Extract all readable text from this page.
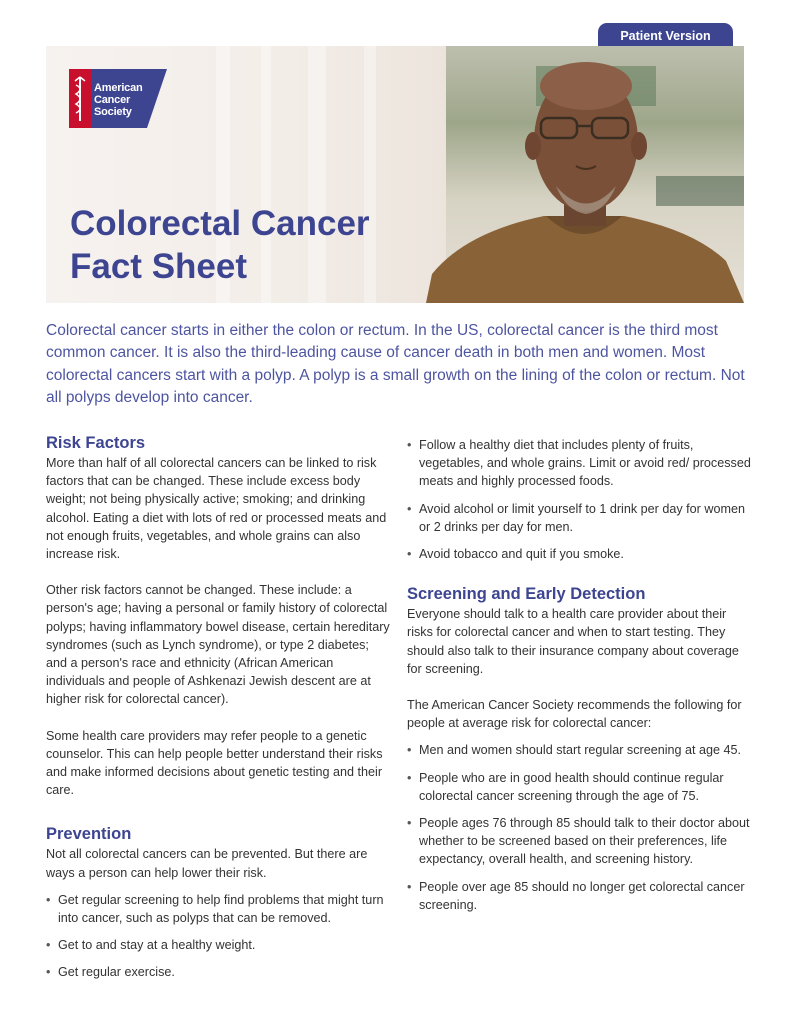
Patient Version
American
Cancer
Society
Colorectal Cancer
Fact Sheet

Colorectal cancer starts in either the colon or rectum. In the US, colorectal cancer is the third most common cancer. It is also the third-leading cause of cancer death in both men and women. Most colorectal cancers start with a polyp. A polyp is a small growth on the lining of the colon or rectum. Not all polyps develop into cancer.

Risk Factors

More than half of all colorectal cancers can be linked to risk factors that can be changed. These include excess body weight; not being physically active; smoking; and drinking alcohol. Eating a diet with lots of red or processed meats and not enough fruits, vegetables, and whole grains can also increase risk.

Other risk factors cannot be changed. These include: a person's age; having a personal or family history of colorectal polyps; having inflammatory bowel disease, certain hereditary syndromes (such as Lynch syndrome), or type 2 diabetes; and a person's race and ethnicity (African American individuals and people of Ashkenazi Jewish descent are at higher risk for colorectal cancer).

Some health care providers may refer people to a genetic counselor. This can help people better understand their risks and make informed decisions about genetic testing and their care.

Prevention

Not all colorectal cancers can be prevented. But there are ways a person can help lower their risk.

• Get regular screening to help find problems that might turn into cancer, such as polyps that can be removed.
• Get to and stay at a healthy weight.
• Get regular exercise.
• Follow a healthy diet that includes plenty of fruits, vegetables, and whole grains. Limit or avoid red/ processed meats and highly processed foods.
• Avoid alcohol or limit yourself to 1 drink per day for women or 2 drinks per day for men.
• Avoid tobacco and quit if you smoke.
Screening and Early Detection

Everyone should talk to a health care provider about their risks for colorectal cancer and when to start testing. They should also talk to their insurance company about coverage for screening.

The American Cancer Society recommends the following for people at average risk for colorectal cancer:

• Men and women should start regular screening at age 45.
• People who are in good health should continue regular colorectal cancer screening through the age of 75.
• People ages 76 through 85 should talk to their doctor about whether to be screened based on their preferences, life expectancy, overall health, and screening history.
• People over age 85 should no longer get colorectal cancer screening.
